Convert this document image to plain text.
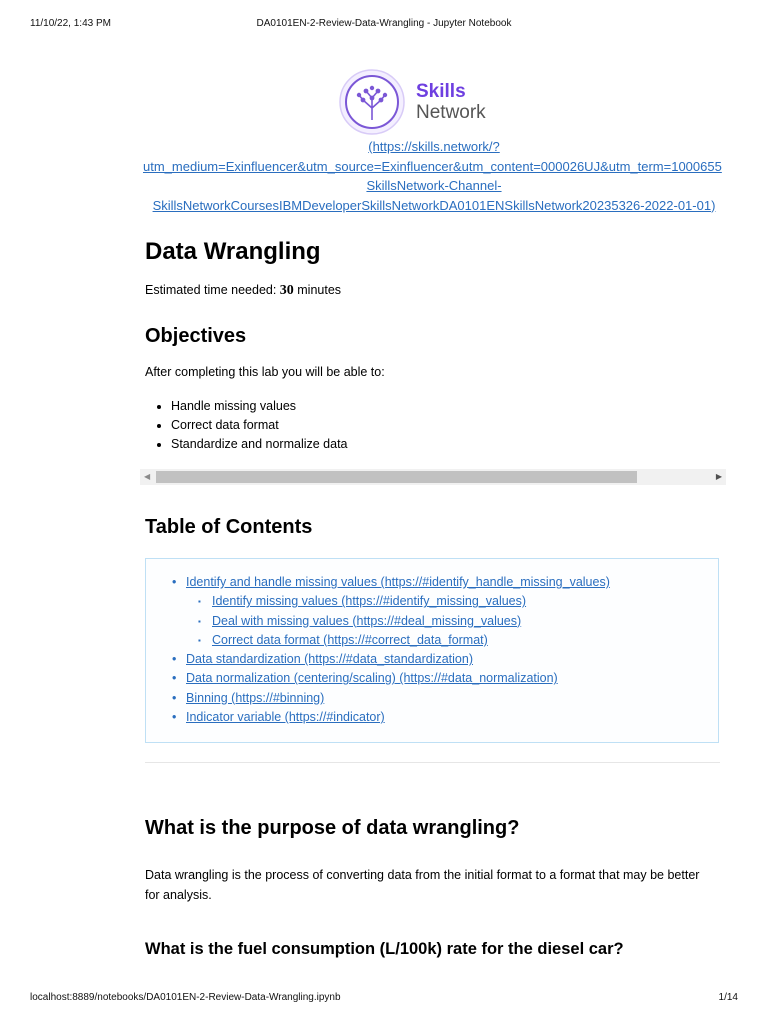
11/10/22, 1:43 PM	DA0101EN-2-Review-Data-Wrangling - Jupyter Notebook
Skills
Network
(https://skills.network/?
utm_medium=Exinfluencer&utm_source=Exinfluencer&utm_content=000026UJ&utm_term=1000655
SkillsNetwork-Channel-
SkillsNetworkCoursesIBMDeveloperSkillsNetworkDA0101ENSkillsNetwork20235326-2022-01-01)
Data Wrangling
Estimated time needed: 30 minutes
Objectives
After completing this lab you will be able to:
• Handle missing values
• Correct data format
• Standardize and normalize data
◀	▶
Table of Contents
• Identify and handle missing values (https://#identify_handle_missing_values)
▪ Identify missing values (https://#identify_missing_values)
▪ Deal with missing values (https://#deal_missing_values)
▪ Correct data format (https://#correct_data_format)
• Data standardization (https://#data_standardization)
• Data normalization (centering/scaling) (https://#data_normalization)
• Binning (https://#binning)
• Indicator variable (https://#indicator)
What is the purpose of data wrangling?
Data wrangling is the process of converting data from the initial format to a format that may be better for analysis.
What is the fuel consumption (L/100k) rate for the diesel car?
localhost:8889/notebooks/DA0101EN-2-Review-Data-Wrangling.ipynb	1/14
